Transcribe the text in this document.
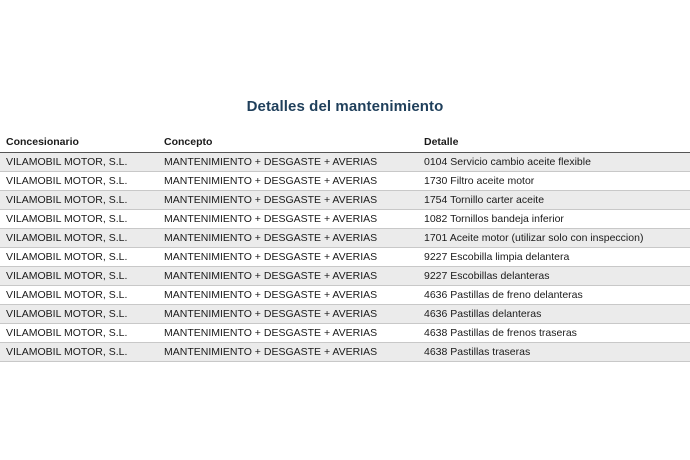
Detalles del mantenimiento
Concesionario	Concepto	Detalle
VILAMOBIL MOTOR, S.L.	MANTENIMIENTO + DESGASTE + AVERIAS	0104 Servicio cambio aceite flexible
VILAMOBIL MOTOR, S.L.	MANTENIMIENTO + DESGASTE + AVERIAS	1730 Filtro aceite motor
VILAMOBIL MOTOR, S.L.	MANTENIMIENTO + DESGASTE + AVERIAS	1754 Tornillo carter aceite
VILAMOBIL MOTOR, S.L.	MANTENIMIENTO + DESGASTE + AVERIAS	1082 Tornillos bandeja inferior
VILAMOBIL MOTOR, S.L.	MANTENIMIENTO + DESGASTE + AVERIAS	1701 Aceite motor (utilizar solo con inspeccion)
VILAMOBIL MOTOR, S.L.	MANTENIMIENTO + DESGASTE + AVERIAS	9227 Escobilla limpia delantera
VILAMOBIL MOTOR, S.L.	MANTENIMIENTO + DESGASTE + AVERIAS	9227 Escobillas delanteras
VILAMOBIL MOTOR, S.L.	MANTENIMIENTO + DESGASTE + AVERIAS	4636 Pastillas de freno delanteras
VILAMOBIL MOTOR, S.L.	MANTENIMIENTO + DESGASTE + AVERIAS	4636 Pastillas delanteras
VILAMOBIL MOTOR, S.L.	MANTENIMIENTO + DESGASTE + AVERIAS	4638 Pastillas de frenos traseras
VILAMOBIL MOTOR, S.L.	MANTENIMIENTO + DESGASTE + AVERIAS	4638 Pastillas traseras
